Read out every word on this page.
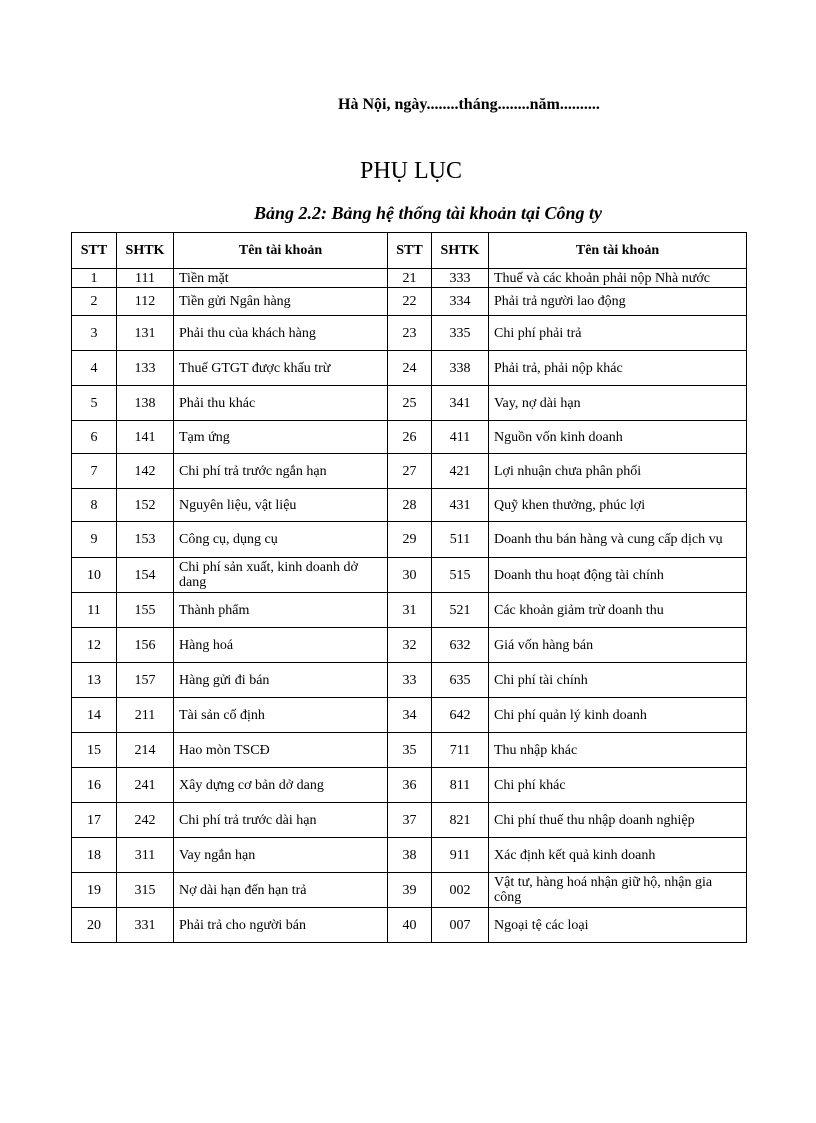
Hà Nội, ngày........tháng........năm..........
PHỤ LỤC
Bảng 2.2: Bảng hệ thống tài khoản tại Công ty
STT	SHTK	Tên tài khoản	STT	SHTK	Tên tài khoản
1	111	Tiền mặt	21	333	Thuế và các khoản phải nộp Nhà nước
2	112	Tiền gửi Ngân hàng	22	334	Phải trả người lao động
3	131	Phải thu của khách hàng	23	335	Chi phí phải trả
4	133	Thuế GTGT được khấu trừ	24	338	Phải trả, phải nộp khác
5	138	Phải thu khác	25	341	Vay, nợ dài hạn
6	141	Tạm ứng	26	411	Nguồn vốn kinh doanh
7	142	Chi phí trả trước ngắn hạn	27	421	Lợi nhuận chưa phân phối
8	152	Nguyên liệu, vật liệu	28	431	Quỹ khen thưởng, phúc lợi
9	153	Công cụ, dụng cụ	29	511	Doanh thu bán hàng và cung cấp dịch vụ
10	154	Chi phí sản xuất, kinh doanh dở dang	30	515	Doanh thu hoạt động tài chính
11	155	Thành phẩm	31	521	Các khoản giảm trừ doanh thu
12	156	Hàng hoá	32	632	Giá vốn hàng bán
13	157	Hàng gửi đi bán	33	635	Chi phí tài chính
14	211	Tài sản cố định	34	642	Chi phí quản lý kinh doanh
15	214	Hao mòn TSCĐ	35	711	Thu nhập khác
16	241	Xây dựng cơ bản dở dang	36	811	Chi phí khác
17	242	Chi phí trả trước dài hạn	37	821	Chi phí thuế thu nhập doanh nghiệp
18	311	Vay ngắn hạn	38	911	Xác định kết quả kinh doanh
19	315	Nợ dài hạn đến hạn trả	39	002	Vật tư, hàng hoá nhận giữ hộ, nhận gia công
20	331	Phải trả cho người bán	40	007	Ngoại tệ các loại
